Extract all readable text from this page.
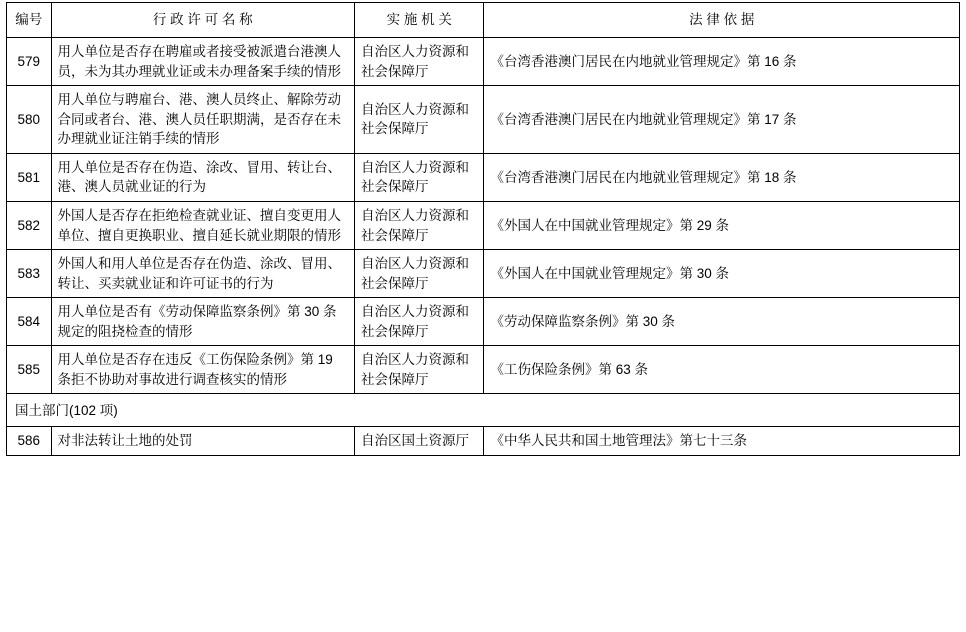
编号	行 政 许 可 名 称	实 施 机 关	法 律 依 据
579	用人单位是否存在聘雇或者接受被派遣台港澳人员，未为其办理就业证或未办理备案手续的情形	自治区人力资源和社会保障厅	《台湾香港澳门居民在内地就业管理规定》第 16 条
580	用人单位与聘雇台、港、澳人员终止、解除劳动合同或者台、港、澳人员任职期满，是否存在未办理就业证注销手续的情形	自治区人力资源和社会保障厅	《台湾香港澳门居民在内地就业管理规定》第 17 条
581	用人单位是否存在伪造、涂改、冒用、转让台、港、澳人员就业证的行为	自治区人力资源和社会保障厅	《台湾香港澳门居民在内地就业管理规定》第 18 条
582	外国人是否存在拒绝检查就业证、擅自变更用人单位、擅自更换职业、擅自延长就业期限的情形	自治区人力资源和社会保障厅	《外国人在中国就业管理规定》第 29 条
583	外国人和用人单位是否存在伪造、涂改、冒用、转让、买卖就业证和许可证书的行为	自治区人力资源和社会保障厅	《外国人在中国就业管理规定》第 30 条
584	用人单位是否有《劳动保障监察条例》第 30 条规定的阻挠检查的情形	自治区人力资源和社会保障厅	《劳动保障监察条例》第 30 条
585	用人单位是否存在违反《工伤保险条例》第 19 条拒不协助对事故进行调查核实的情形	自治区人力资源和社会保障厅	《工伤保险条例》第 63 条
国土部门(102 项)			
586	对非法转让土地的处罚	自治区国土资源厅	《中华人民共和国土地管理法》第七十三条
